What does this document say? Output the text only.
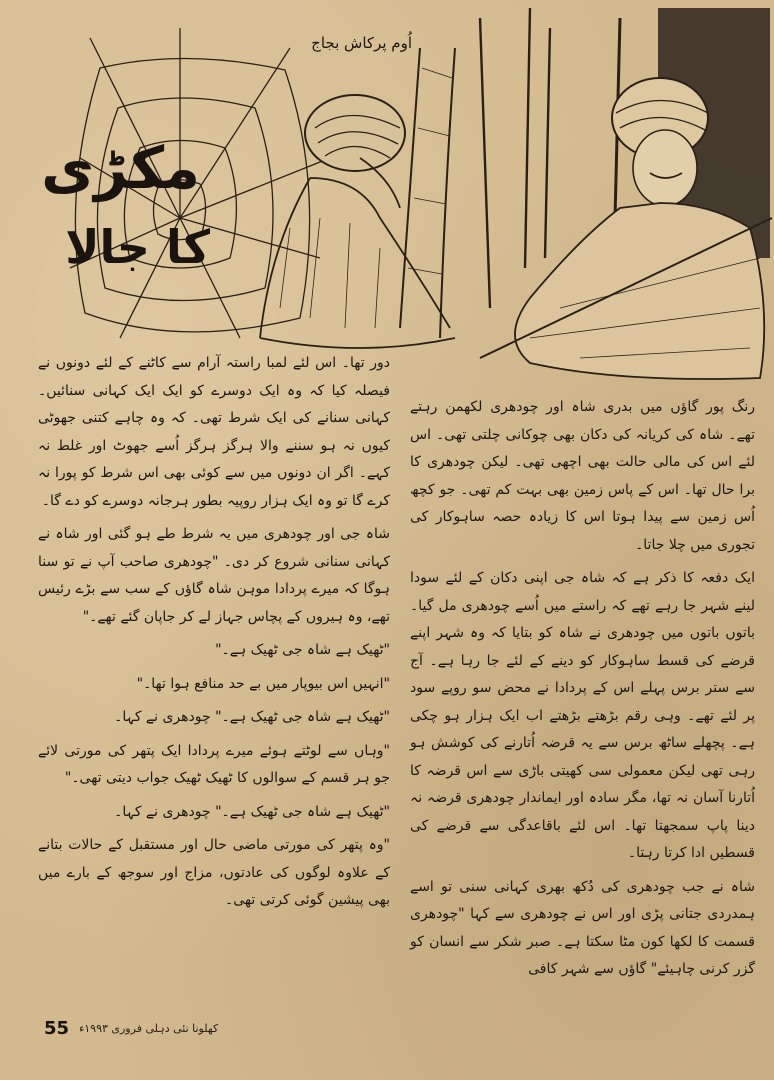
مکڑی
کا جالا
اُوم پرکاش بجاج

رنگ پور گاؤں میں بدری شاہ اور چودھری لکھمن رہتے تھے۔ شاہ کی کریانہ کی دکان بھی چوکانی چلتی تھی۔ اس لئے اس کی مالی حالت بھی اچھی تھی۔ لیکن چودھری کا برا حال تھا۔ اس کے پاس زمین بھی بہت کم تھی۔ جو کچھ اُس زمین سے پیدا ہوتا اس کا زیادہ حصہ ساہوکار کی تجوری میں چلا جاتا۔

ایک دفعہ کا ذکر ہے کہ شاہ جی اپنی دکان کے لئے سودا لینے شہر جا رہے تھے کہ راستے میں اُسے چودھری مل گیا۔ باتوں باتوں میں چودھری نے شاہ کو بتایا کہ وہ شہر اپنے قرضے کی قسط ساہوکار کو دینے کے لئے جا رہا ہے۔ آج سے ستر برس پہلے اس کے پردادا نے محض سو روپے سود پر لئے تھے۔ وہی رقم بڑھتے بڑھتے اب ایک ہزار ہو چکی ہے۔ پچھلے ساٹھ برس سے یہ قرضہ اُتارنے کی کوشش ہو رہی تھی لیکن معمولی سی کھیتی باڑی سے اس قرضہ کا اُتارنا آسان نہ تھا، مگر سادہ اور ایماندار چودھری قرضہ نہ دینا پاپ سمجھتا تھا۔ اس لئے باقاعدگی سے قرضے کی قسطیں ادا کرتا رہتا۔

شاہ نے جب چودھری کی دُکھ بھری کہانی سنی تو اسے ہمدردی جتانی پڑی اور اس نے چودھری سے کہا "چودھری قسمت کا لکھا کون مٹا سکتا ہے۔ صبر شکر سے انسان کو گزر کرنی چاہیئے" گاؤں سے شہر کافی

دور تھا۔ اس لئے لمبا راستہ آرام سے کاٹنے کے لئے دونوں نے فیصلہ کیا کہ وہ ایک دوسرے کو ایک ایک کہانی سنائیں۔ کہانی سنانے کی ایک شرط تھی۔ کہ وہ چاہے کتنی جھوٹی کیوں نہ ہو سننے والا ہرگز ہرگز اُسے جھوٹ اور غلط نہ کہے۔ اگر ان دونوں میں سے کوئی بھی اس شرط کو پورا نہ کرے گا تو وہ ایک ہزار روپیہ بطور ہرجانہ دوسرے کو دے گا۔

شاہ جی اور چودھری میں یہ شرط طے ہو گئی اور شاہ نے کہانی سنانی شروع کر دی۔ "چودھری صاحب آپ نے تو سنا ہوگا کہ میرے پردادا موہن شاہ گاؤں کے سب سے بڑے رئیس تھے، وہ ہیروں کے پچاس جہاز لے کر جاپان گئے تھے۔"

"ٹھیک ہے شاہ جی ٹھیک ہے۔"

"انہیں اس بیوپار میں بے حد منافع ہوا تھا۔"

"ٹھیک ہے شاہ جی ٹھیک ہے۔" چودھری نے کہا۔

"وہاں سے لوٹتے ہوئے میرے پردادا ایک پتھر کی مورتی لائے جو ہر قسم کے سوالوں کا ٹھیک ٹھیک جواب دیتی تھی۔"

"ٹھیک ہے شاہ جی ٹھیک ہے۔" چودھری نے کہا۔

"وہ پتھر کی مورتی ماضی حال اور مستقبل کے حالات بتانے کے علاوہ لوگوں کی عادتوں، مزاج اور سوجھ کے بارے میں بھی پیشین گوئی کرتی تھی۔

55 کھلونا نئی دہلی فروری ۱۹۹۳ء
